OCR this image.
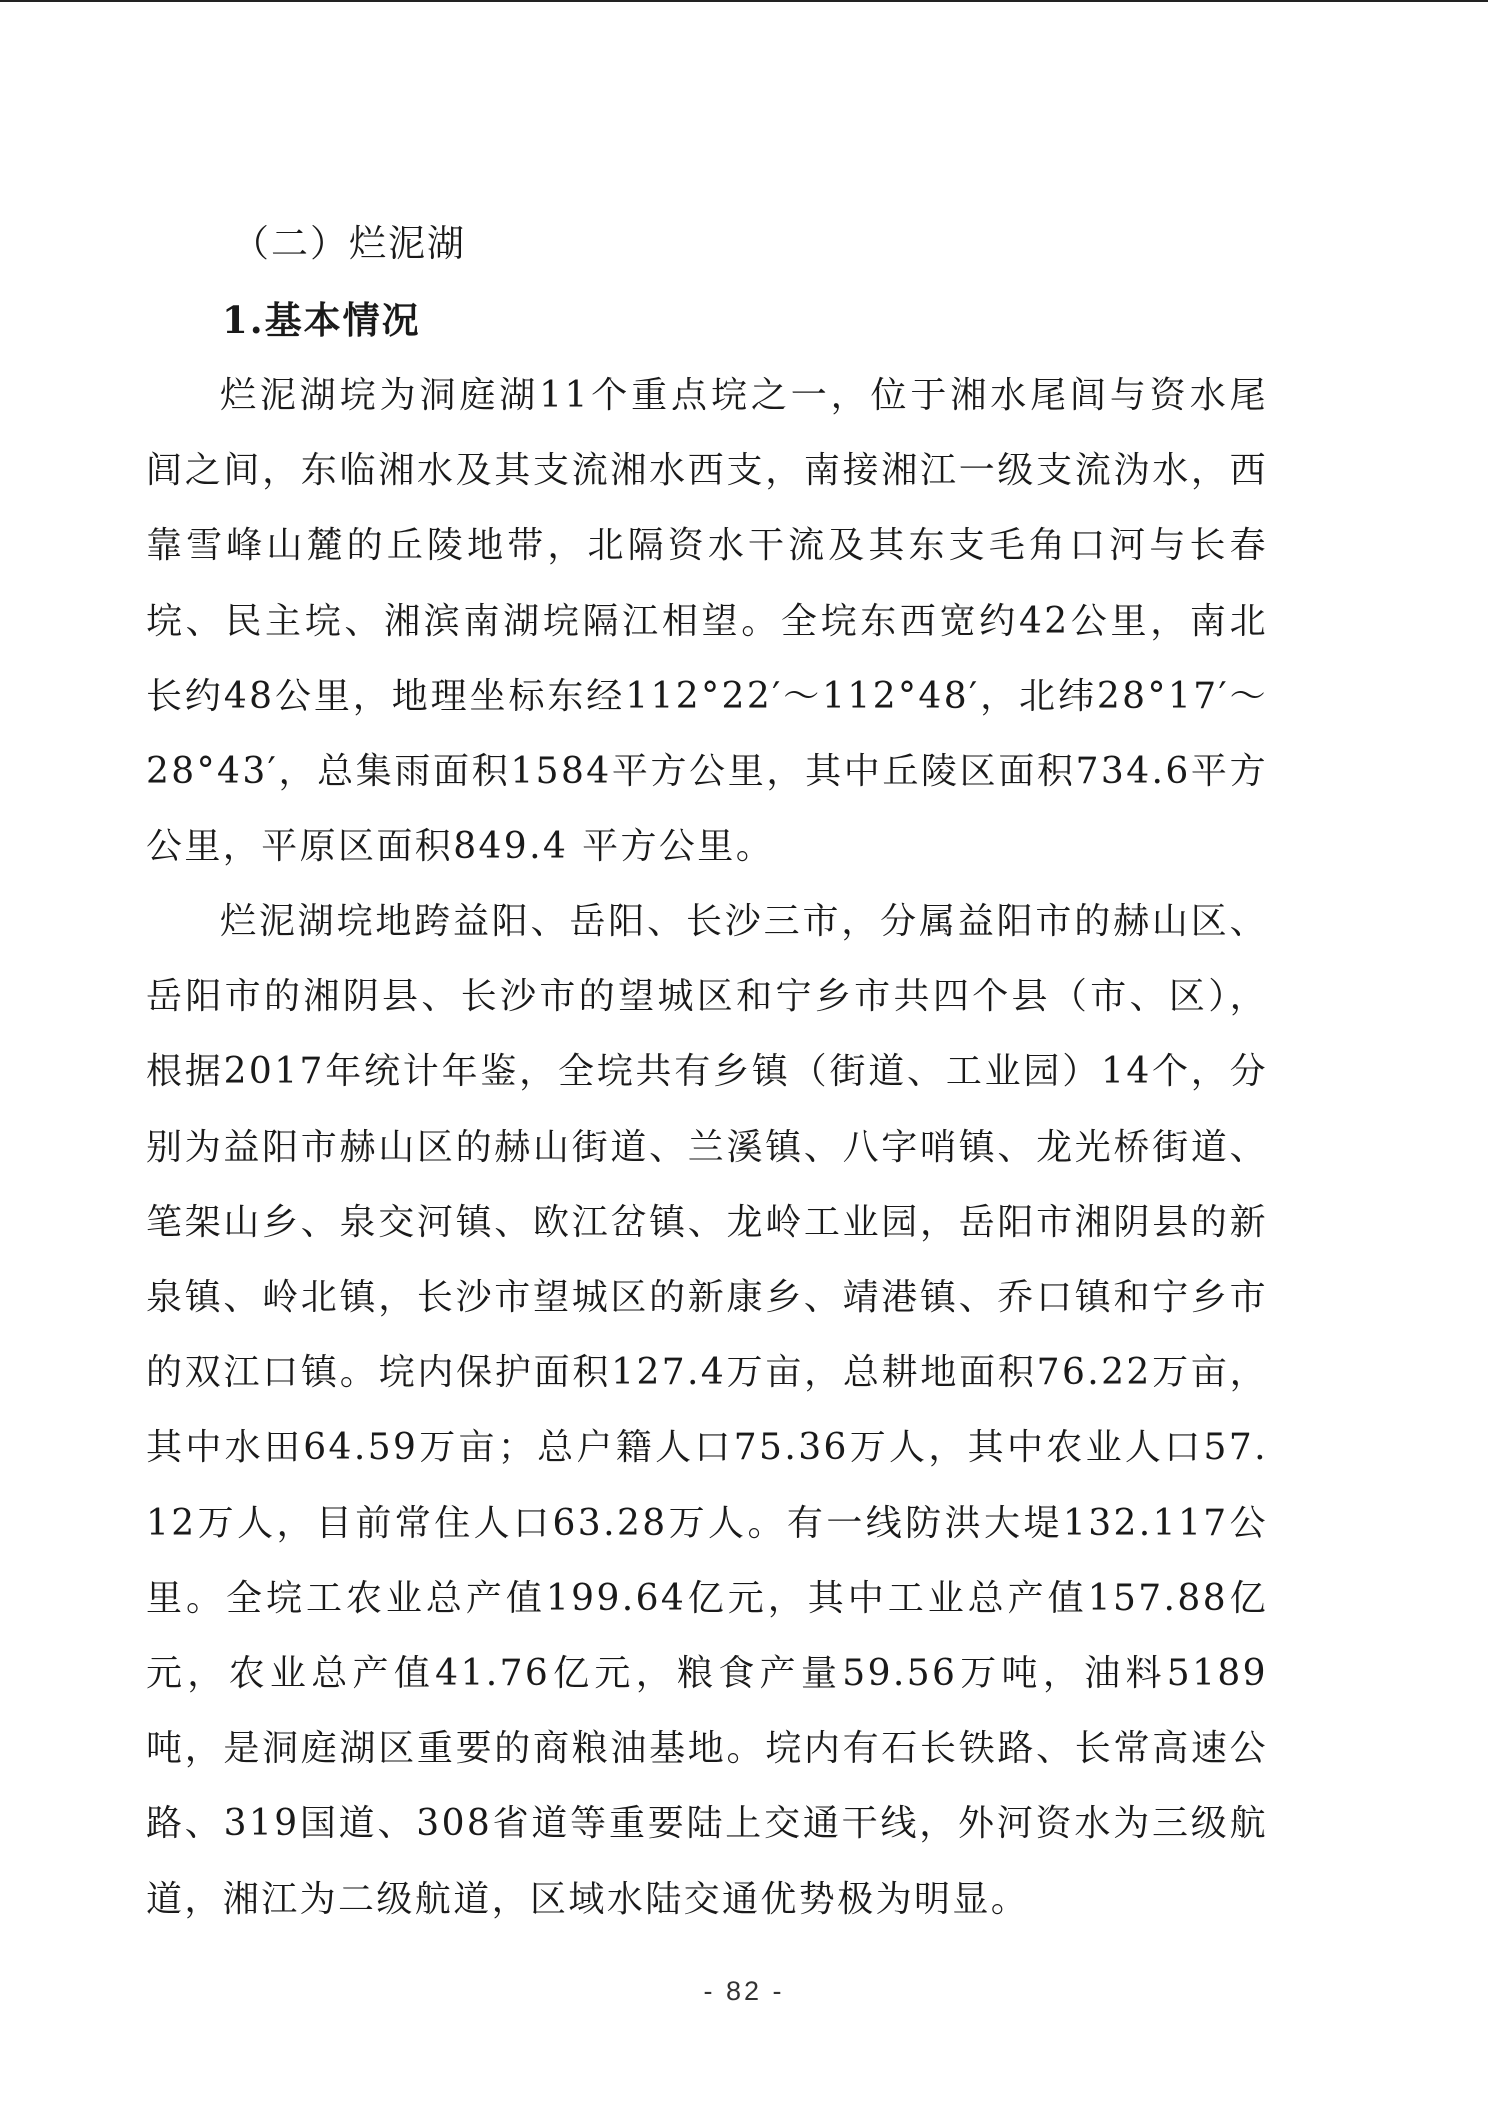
（二）烂泥湖
1.基本情况

烂泥湖垸为洞庭湖11个重点垸之一，位于湘水尾闾与资水尾闾之间，东临湘水及其支流湘水西支，南接湘江一级支流沩水，西靠雪峰山麓的丘陵地带，北隔资水干流及其东支毛角口河与长春垸、民主垸、湘滨南湖垸隔江相望。全垸东西宽约42公里，南北长约48公里，地理坐标东经112°22′～112°48′，北纬28°17′～28°43′，总集雨面积1584平方公里，其中丘陵区面积734.6平方公里，平原区面积849.4 平方公里。

烂泥湖垸地跨益阳、岳阳、长沙三市，分属益阳市的赫山区、岳阳市的湘阴县、长沙市的望城区和宁乡市共四个县（市、区），根据2017年统计年鉴，全垸共有乡镇（街道、工业园）14个，分别为益阳市赫山区的赫山街道、兰溪镇、八字哨镇、龙光桥街道、笔架山乡、泉交河镇、欧江岔镇、龙岭工业园，岳阳市湘阴县的新泉镇、岭北镇，长沙市望城区的新康乡、靖港镇、乔口镇和宁乡市的双江口镇。垸内保护面积127.4万亩，总耕地面积76.22万亩，其中水田64.59万亩；总户籍人口75.36万人，其中农业人口57.12万人，目前常住人口63.28万人。有一线防洪大堤132.117公里。全垸工农业总产值199.64亿元，其中工业总产值157.88亿元，农业总产值41.76亿元，粮食产量59.56万吨，油料5189吨，是洞庭湖区重要的商粮油基地。垸内有石长铁路、长常高速公路、319国道、308省道等重要陆上交通干线，外河资水为三级航道，湘江为二级航道，区域水陆交通优势极为明显。

- 82 -
